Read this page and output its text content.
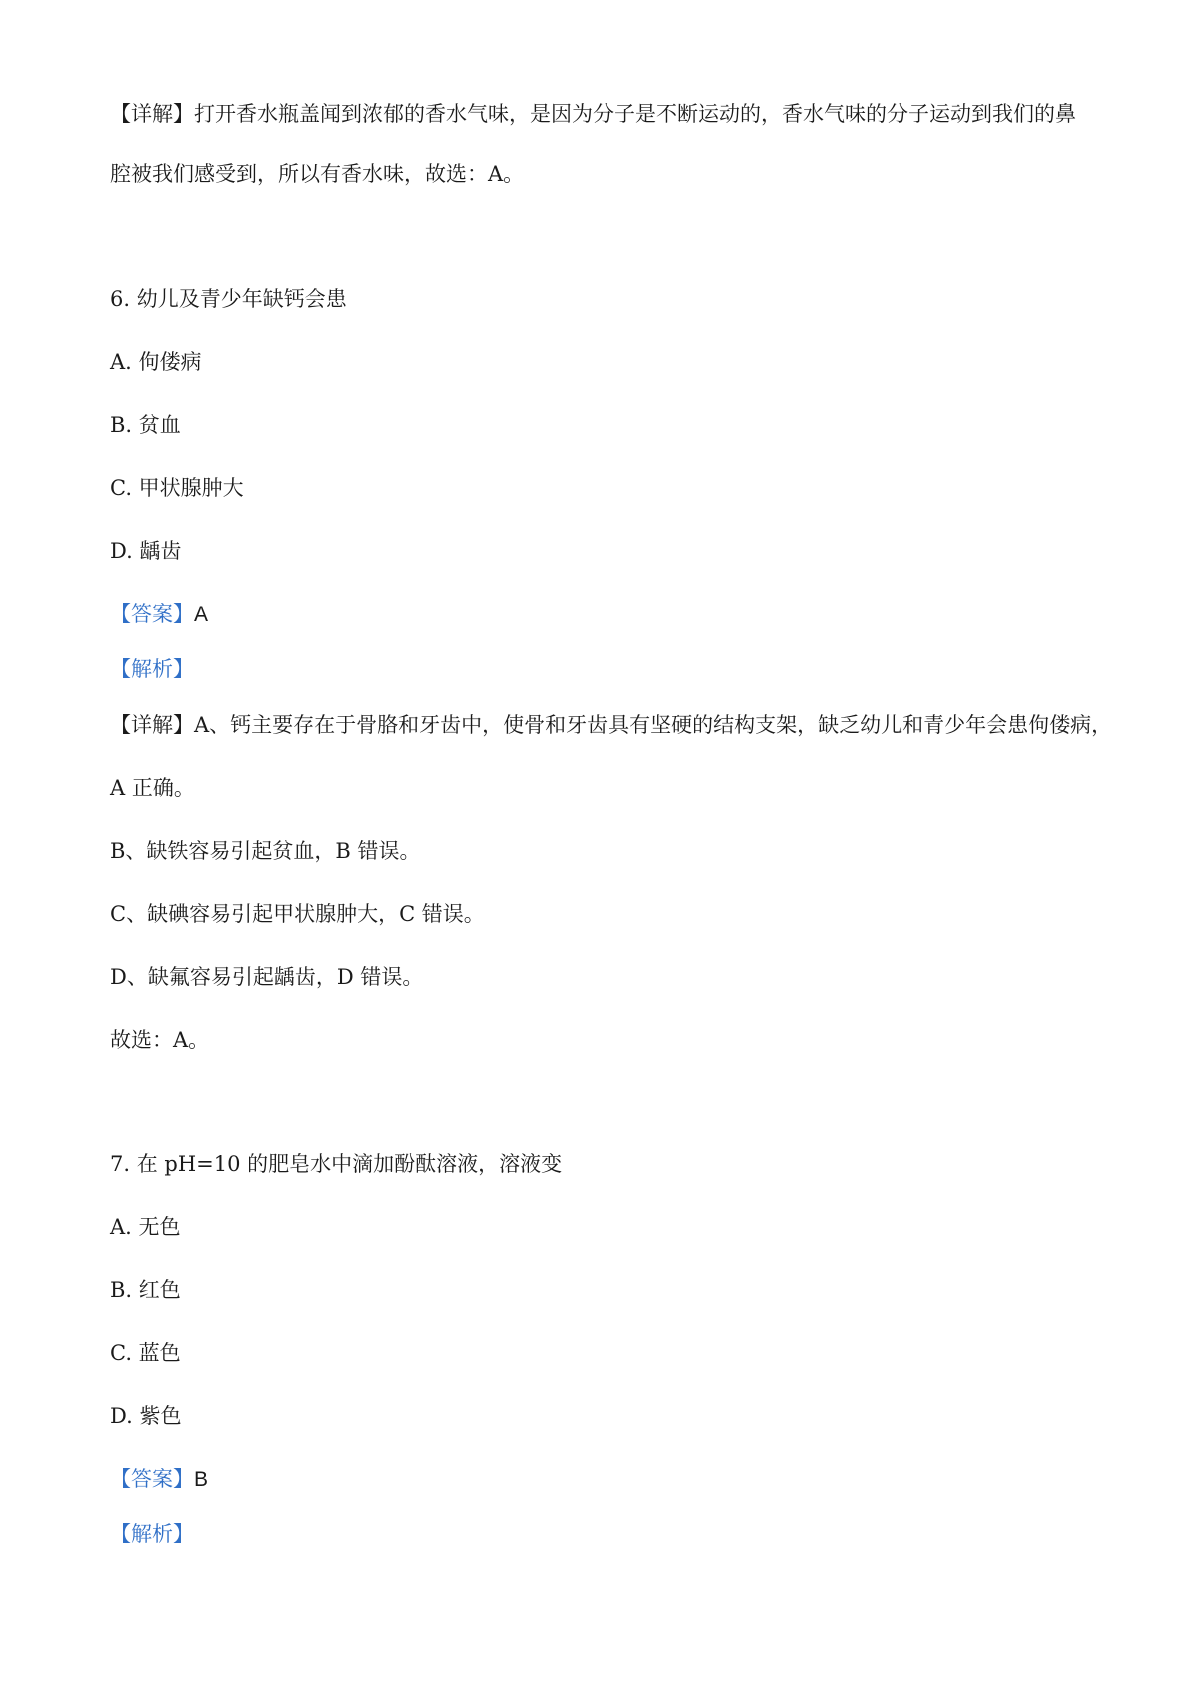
【详解】打开香水瓶盖闻到浓郁的香水气味，是因为分子是不断运动的，香水气味的分子运动到我们的鼻
腔被我们感受到，所以有香水味，故选：A。
6. 幼儿及青少年缺钙会患
A. 佝偻病
B. 贫血
C. 甲状腺肿大
D. 龋齿
【答案】A
【解析】
【详解】A、钙主要存在于骨胳和牙齿中，使骨和牙齿具有坚硬的结构支架，缺乏幼儿和青少年会患佝偻病，
A 正确。
B、缺铁容易引起贫血，B 错误。
C、缺碘容易引起甲状腺肿大，C 错误。
D、缺氟容易引起龋齿，D 错误。
故选：A。
7. 在 pH=10 的肥皂水中滴加酚酞溶液，溶液变
A. 无色
B. 红色
C. 蓝色
D. 紫色
【答案】B
【解析】
